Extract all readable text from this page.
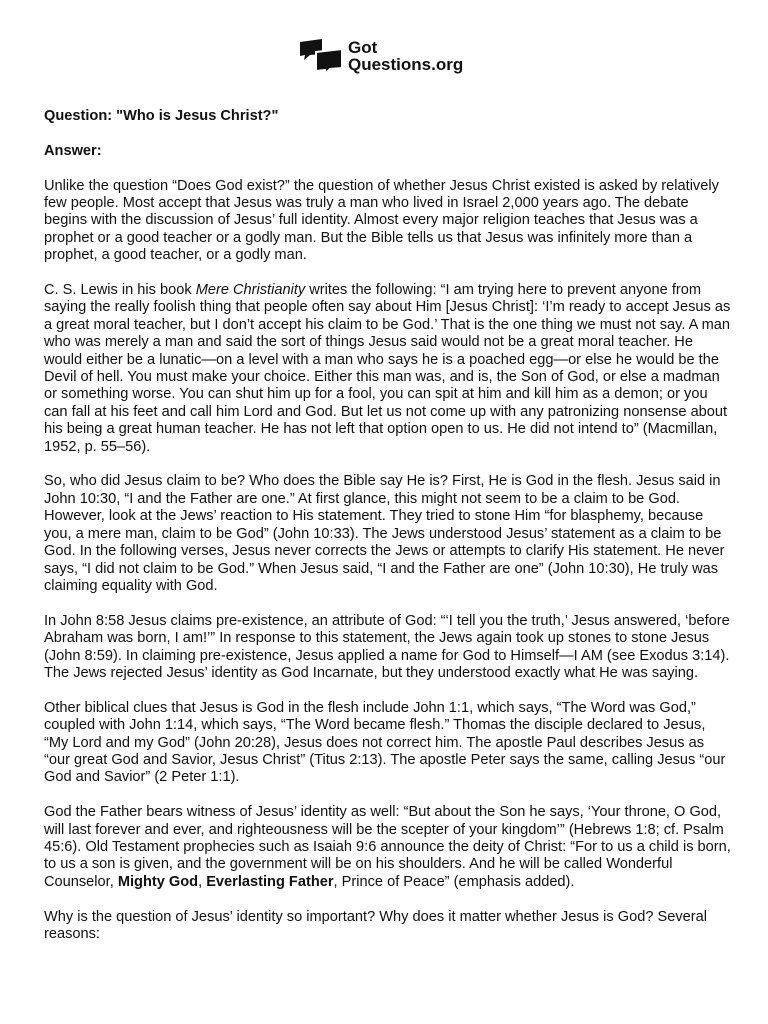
Got
Questions.org

Question: "Who is Jesus Christ?"

Answer:

Unlike the question “Does God exist?” the question of whether Jesus Christ existed is asked by relatively few people. Most accept that Jesus was truly a man who lived in Israel 2,000 years ago. The debate begins with the discussion of Jesus’ full identity. Almost every major religion teaches that Jesus was a prophet or a good teacher or a godly man. But the Bible tells us that Jesus was infinitely more than a prophet, a good teacher, or a godly man.

C. S. Lewis in his book Mere Christianity writes the following: “I am trying here to prevent anyone from saying the really foolish thing that people often say about Him [Jesus Christ]: ‘I’m ready to accept Jesus as a great moral teacher, but I don’t accept his claim to be God.’ That is the one thing we must not say. A man who was merely a man and said the sort of things Jesus said would not be a great moral teacher. He would either be a lunatic—on a level with a man who says he is a poached egg—or else he would be the Devil of hell. You must make your choice. Either this man was, and is, the Son of God, or else a madman or something worse. You can shut him up for a fool, you can spit at him and kill him as a demon; or you can fall at his feet and call him Lord and God. But let us not come up with any patronizing nonsense about his being a great human teacher. He has not left that option open to us. He did not intend to” (Macmillan, 1952, p. 55–56).

So, who did Jesus claim to be? Who does the Bible say He is? First, He is God in the flesh. Jesus said in John 10:30, “I and the Father are one.” At first glance, this might not seem to be a claim to be God. However, look at the Jews’ reaction to His statement. They tried to stone Him “for blasphemy, because you, a mere man, claim to be God” (John 10:33). The Jews understood Jesus’ statement as a claim to be God. In the following verses, Jesus never corrects the Jews or attempts to clarify His statement. He never says, “I did not claim to be God.” When Jesus said, “I and the Father are one” (John 10:30), He truly was claiming equality with God.

In John 8:58 Jesus claims pre-existence, an attribute of God: “‘I tell you the truth,’ Jesus answered, ‘before Abraham was born, I am!’” In response to this statement, the Jews again took up stones to stone Jesus (John 8:59). In claiming pre-existence, Jesus applied a name for God to Himself—I AM (see Exodus 3:14). The Jews rejected Jesus’ identity as God Incarnate, but they understood exactly what He was saying.

Other biblical clues that Jesus is God in the flesh include John 1:1, which says, “The Word was God,” coupled with John 1:14, which says, “The Word became flesh.” Thomas the disciple declared to Jesus, “My Lord and my God” (John 20:28), Jesus does not correct him. The apostle Paul describes Jesus as “our great God and Savior, Jesus Christ” (Titus 2:13). The apostle Peter says the same, calling Jesus “our God and Savior” (2 Peter 1:1).

God the Father bears witness of Jesus’ identity as well: “But about the Son he says, ‘Your throne, O God, will last forever and ever, and righteousness will be the scepter of your kingdom’” (Hebrews 1:8; cf. Psalm 45:6). Old Testament prophecies such as Isaiah 9:6 announce the deity of Christ: “For to us a child is born, to us a son is given, and the government will be on his shoulders. And he will be called Wonderful Counselor, Mighty God, Everlasting Father, Prince of Peace” (emphasis added).

Why is the question of Jesus’ identity so important? Why does it matter whether Jesus is God? Several reasons:
